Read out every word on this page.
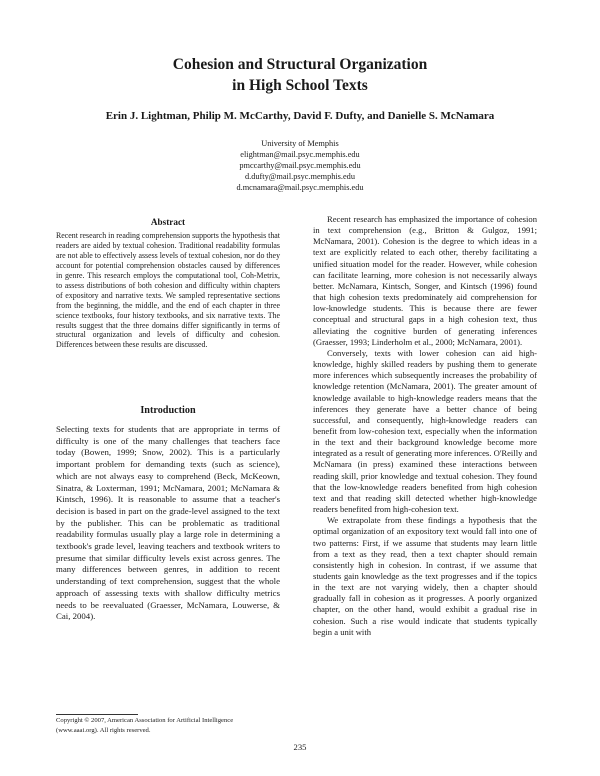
Cohesion and Structural Organization
in High School Texts
Erin J. Lightman, Philip M. McCarthy, David F. Dufty, and Danielle S. McNamara
University of Memphis
elightman@mail.psyc.memphis.edu
pmccarthy@mail.psyc.memphis.edu
d.dufty@mail.psyc.memphis.edu
d.mcnamara@mail.psyc.memphis.edu
Abstract

Recent research in reading comprehension supports the hypothesis that readers are aided by textual cohesion. Traditional readability formulas are not able to effectively assess levels of textual cohesion, nor do they account for potential comprehension obstacles caused by differences in genre. This research employs the computational tool, Coh-Metrix, to assess distributions of both cohesion and difficulty within chapters of expository and narrative texts. We sampled representative sections from the beginning, the middle, and the end of each chapter in three science textbooks, four history textbooks, and six narrative texts. The results suggest that the three domains differ significantly in terms of structural organization and levels of difficulty and cohesion. Differences between these results are discussed.

Introduction

Selecting texts for students that are appropriate in terms of difficulty is one of the many challenges that teachers face today (Bowen, 1999; Snow, 2002). This is a particularly important problem for demanding texts (such as science), which are not always easy to comprehend (Beck, McKeown, Sinatra, & Loxterman, 1991; McNamara, 2001; McNamara & Kintsch, 1996). It is reasonable to assume that a teacher's decision is based in part on the grade-level assigned to the text by the publisher. This can be problematic as traditional readability formulas usually play a large role in determining a textbook's grade level, leaving teachers and textbook writers to presume that similar difficulty levels exist across genres. The many differences between genres, in addition to recent understanding of text comprehension, suggest that the whole approach of assessing texts with shallow difficulty metrics needs to be reevaluated (Graesser, McNamara, Louwerse, & Cai, 2004).

Recent research has emphasized the importance of cohesion in text comprehension (e.g., Britton & Gulgoz, 1991; McNamara, 2001). Cohesion is the degree to which ideas in a text are explicitly related to each other, thereby facilitating a unified situation model for the reader. However, while cohesion can facilitate learning, more cohesion is not necessarily always better. McNamara, Kintsch, Songer, and Kintsch (1996) found that high cohesion texts predominately aid comprehension for low-knowledge students. This is because there are fewer conceptual and structural gaps in a high cohesion text, thus alleviating the cognitive burden of generating inferences (Graesser, 1993; Linderholm et al., 2000; McNamara, 2001).

Conversely, texts with lower cohesion can aid high-knowledge, highly skilled readers by pushing them to generate more inferences which subsequently increases the probability of knowledge retention (McNamara, 2001). The greater amount of knowledge available to high-knowledge readers means that the inferences they generate have a better chance of being successful, and consequently, high-knowledge readers can benefit from low-cohesion text, especially when the information in the text and their background knowledge become more integrated as a result of generating more inferences. O'Reilly and McNamara (in press) examined these interactions between reading skill, prior knowledge and textual cohesion. They found that the low-knowledge readers benefited from high cohesion text and that reading skill detected whether high-knowledge readers benefited from high-cohesion text.

We extrapolate from these findings a hypothesis that the optimal organization of an expository text would fall into one of two patterns: First, if we assume that students may learn little from a text as they read, then a text chapter should remain consistently high in cohesion. In contrast, if we assume that students gain knowledge as the text progresses and if the topics in the text are not varying widely, then a chapter should gradually fall in cohesion as it progresses. A poorly organized chapter, on the other hand, would exhibit a gradual rise in cohesion. Such a rise would indicate that students typically begin a unit with

Copyright © 2007, American Association for Artificial Intelligence
(www.aaai.org). All rights reserved.
235
